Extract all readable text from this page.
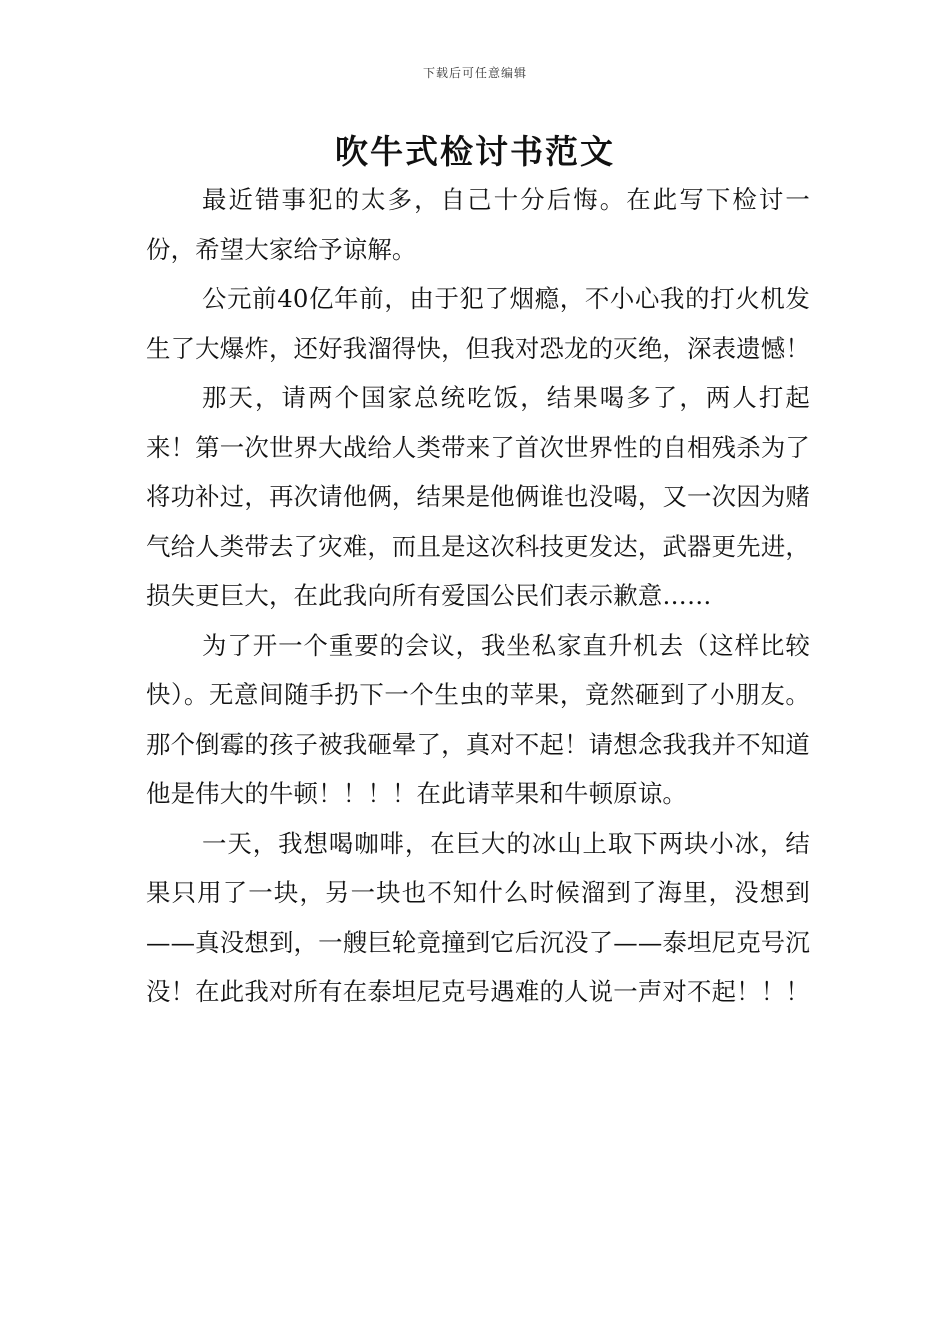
下载后可任意编辑
吹牛式检讨书范文

最近错事犯的太多，自己十分后悔。在此写下检讨一份，希望大家给予谅解。

公元前40亿年前，由于犯了烟瘾，不小心我的打火机发生了大爆炸，还好我溜得快，但我对恐龙的灭绝，深表遗憾！

那天，请两个国家总统吃饭，结果喝多了，两人打起来！第一次世界大战给人类带来了首次世界性的自相残杀为了将功补过，再次请他俩，结果是他俩谁也没喝，又一次因为赌气给人类带去了灾难，而且是这次科技更发达，武器更先进，损失更巨大，在此我向所有爱国公民们表示歉意……

为了开一个重要的会议，我坐私家直升机去（这样比较快）。无意间随手扔下一个生虫的苹果，竟然砸到了小朋友。那个倒霉的孩子被我砸晕了，真对不起！请想念我我并不知道他是伟大的牛顿！！！！在此请苹果和牛顿原谅。

一天，我想喝咖啡，在巨大的冰山上取下两块小冰，结果只用了一块，另一块也不知什么时候溜到了海里，没想到——真没想到，一艘巨轮竟撞到它后沉没了——泰坦尼克号沉没！在此我对所有在泰坦尼克号遇难的人说一声对不起！！！
